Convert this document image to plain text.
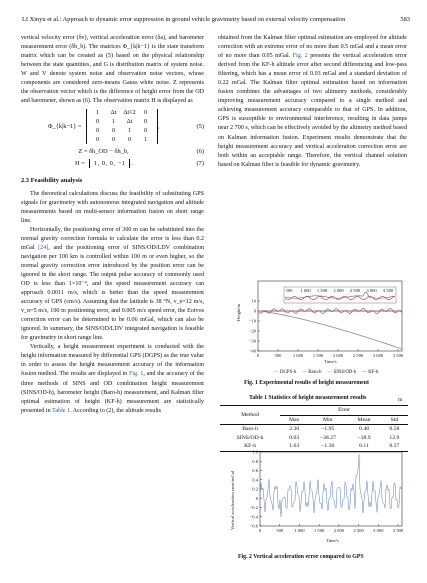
LI Xinyu et al.: Approach to dynamic error suppression in ground vehicle gravimetry based on external velocity compensation	583

vertical velocity error (δv), vertical acceleration error (δa), and barometer measurement error (δh_b). The matrices Φ_{k|k−1} is the state transform matrix which can be created as (5) based on the physical relationship between the state quantities, and G is distribution matrix of system noise. W and V denote system noise and observation noise vectors, whose components are considered zero-means Gauss white noise. Z represents the observation vector which is the difference of height error from the OD and barometer, shown as (6). The observation matrix H is displayed as

Φ_{k|k−1} =
1	Δt	Δt²/2	0
0	1	Δt	0
0	0	1	0
0	0	0	1
,	(5)
Z = δh_OD − δh_b,	(6)
H =	1, 0, 0, −1 .	(7)
2.3 Feasibility analysis

The theoretical calculations discuss the feasibility of substituting GPS signals for gravimetry with autonomous integrated navigation and altitude measurements based on multi-sensor information fusion on short range line.

Horizontally, the positioning error of 300 m can be substituted into the normal gravity correction formula to calculate the error is less than 0.2 mGal [24], and the positioning error of SINS/OD/LDV combination navigation per 100 km is controlled within 100 m or even higher, so the normal gravity correction error introduced by the position error can be ignored in the short range. The output pulse accuracy of commonly used OD is less than 1×10⁻⁴, and the speed measurement accuracy can approach 0.0011 m/s, which is better than the speed measurement accuracy of GPS (cm/s). Assuming that the latitude is 38 °N, v_e=12 m/s, v_n=5 m/s, 100 m positioning error, and 0.005 m/s speed error, the Eotvos correction error can be determined to be 0.06 mGal, which can also be ignored. In summary, the SINS/OD/LDV integrated navigation is feasible for gravimetry in short range line.

Vertically, a height measurement experiment is conducted with the height information measured by differential GPS (DGPS) as the true value in order to assess the height measurement accuracy of the information fusion method. The results are displayed in Fig. 1, and the accuracy of the three methods of SINS and OD combination height measurement (SINS/OD-h), barometer height (Baro-h) measurement, and Kalman filter optimal estimation of height (KF-h) measurement are statistically presented in Table 1. According to (2), the altitude results

obtained from the Kalman filter optimal estimation are employed for altitude correction with an extreme error of no more than 0.5 mGal and a mean error of no more than 0.05 mGal. Fig. 2 presents the vertical acceleration error derived from the KF-h altitude error after second differencing and low-pass filtering, which has a mean error of 0.03 mGal and a standard deviation of 0.22 mGal. The Kalman filter optimal estimation based on information fusion combines the advantages of two altimetry methods, considerably improving measurement accuracy compared to a single method and achieving measurement accuracy comparable to that of GPS. In addition, GPS is susceptible to environmental interference, resulting in data jumps near 2 700 s, which can be effectively avoided by the altimetry method based on Kalman information fusion. Experiment results demonstrate that the height measurement accuracy and vertical acceleration correction error are both within an acceptable range. Therefore, the vertical channel solution based on Kalman filter is feasible for dynamic gravimetry.

10
0
−10
−20
−30
−40
0	500 1 000 1 500 2 000 2 500 3 000 3 500
500 1 000 1 500 2 000 2 500 3 000 3 500
Time/s
Height/m
— DGPS-h — Baro-h — SINS/OD-h — KF-h
Fig. 1 Experimental results of height measurement
Table 1 Statistics of height measurement results	m
Method	Error			
	Max	Min	Mean	Std
Baro-h	2.30	−1.95	0.48	0.58
SINS/OD-h	0.03	−38.27	−18.9	12.9
KF-h	1.63	−1.36	0.11	0.37
1.0
0.8
0.6
0.4
0.2
0
−0.2
−0.4
−0.6
0	500 1 000 1 500 2 000 2 500 3 000 3 500
Time/s
Vertical acceleration error/mGal
Fig. 2 Vertical acceleration error compared to GPS
